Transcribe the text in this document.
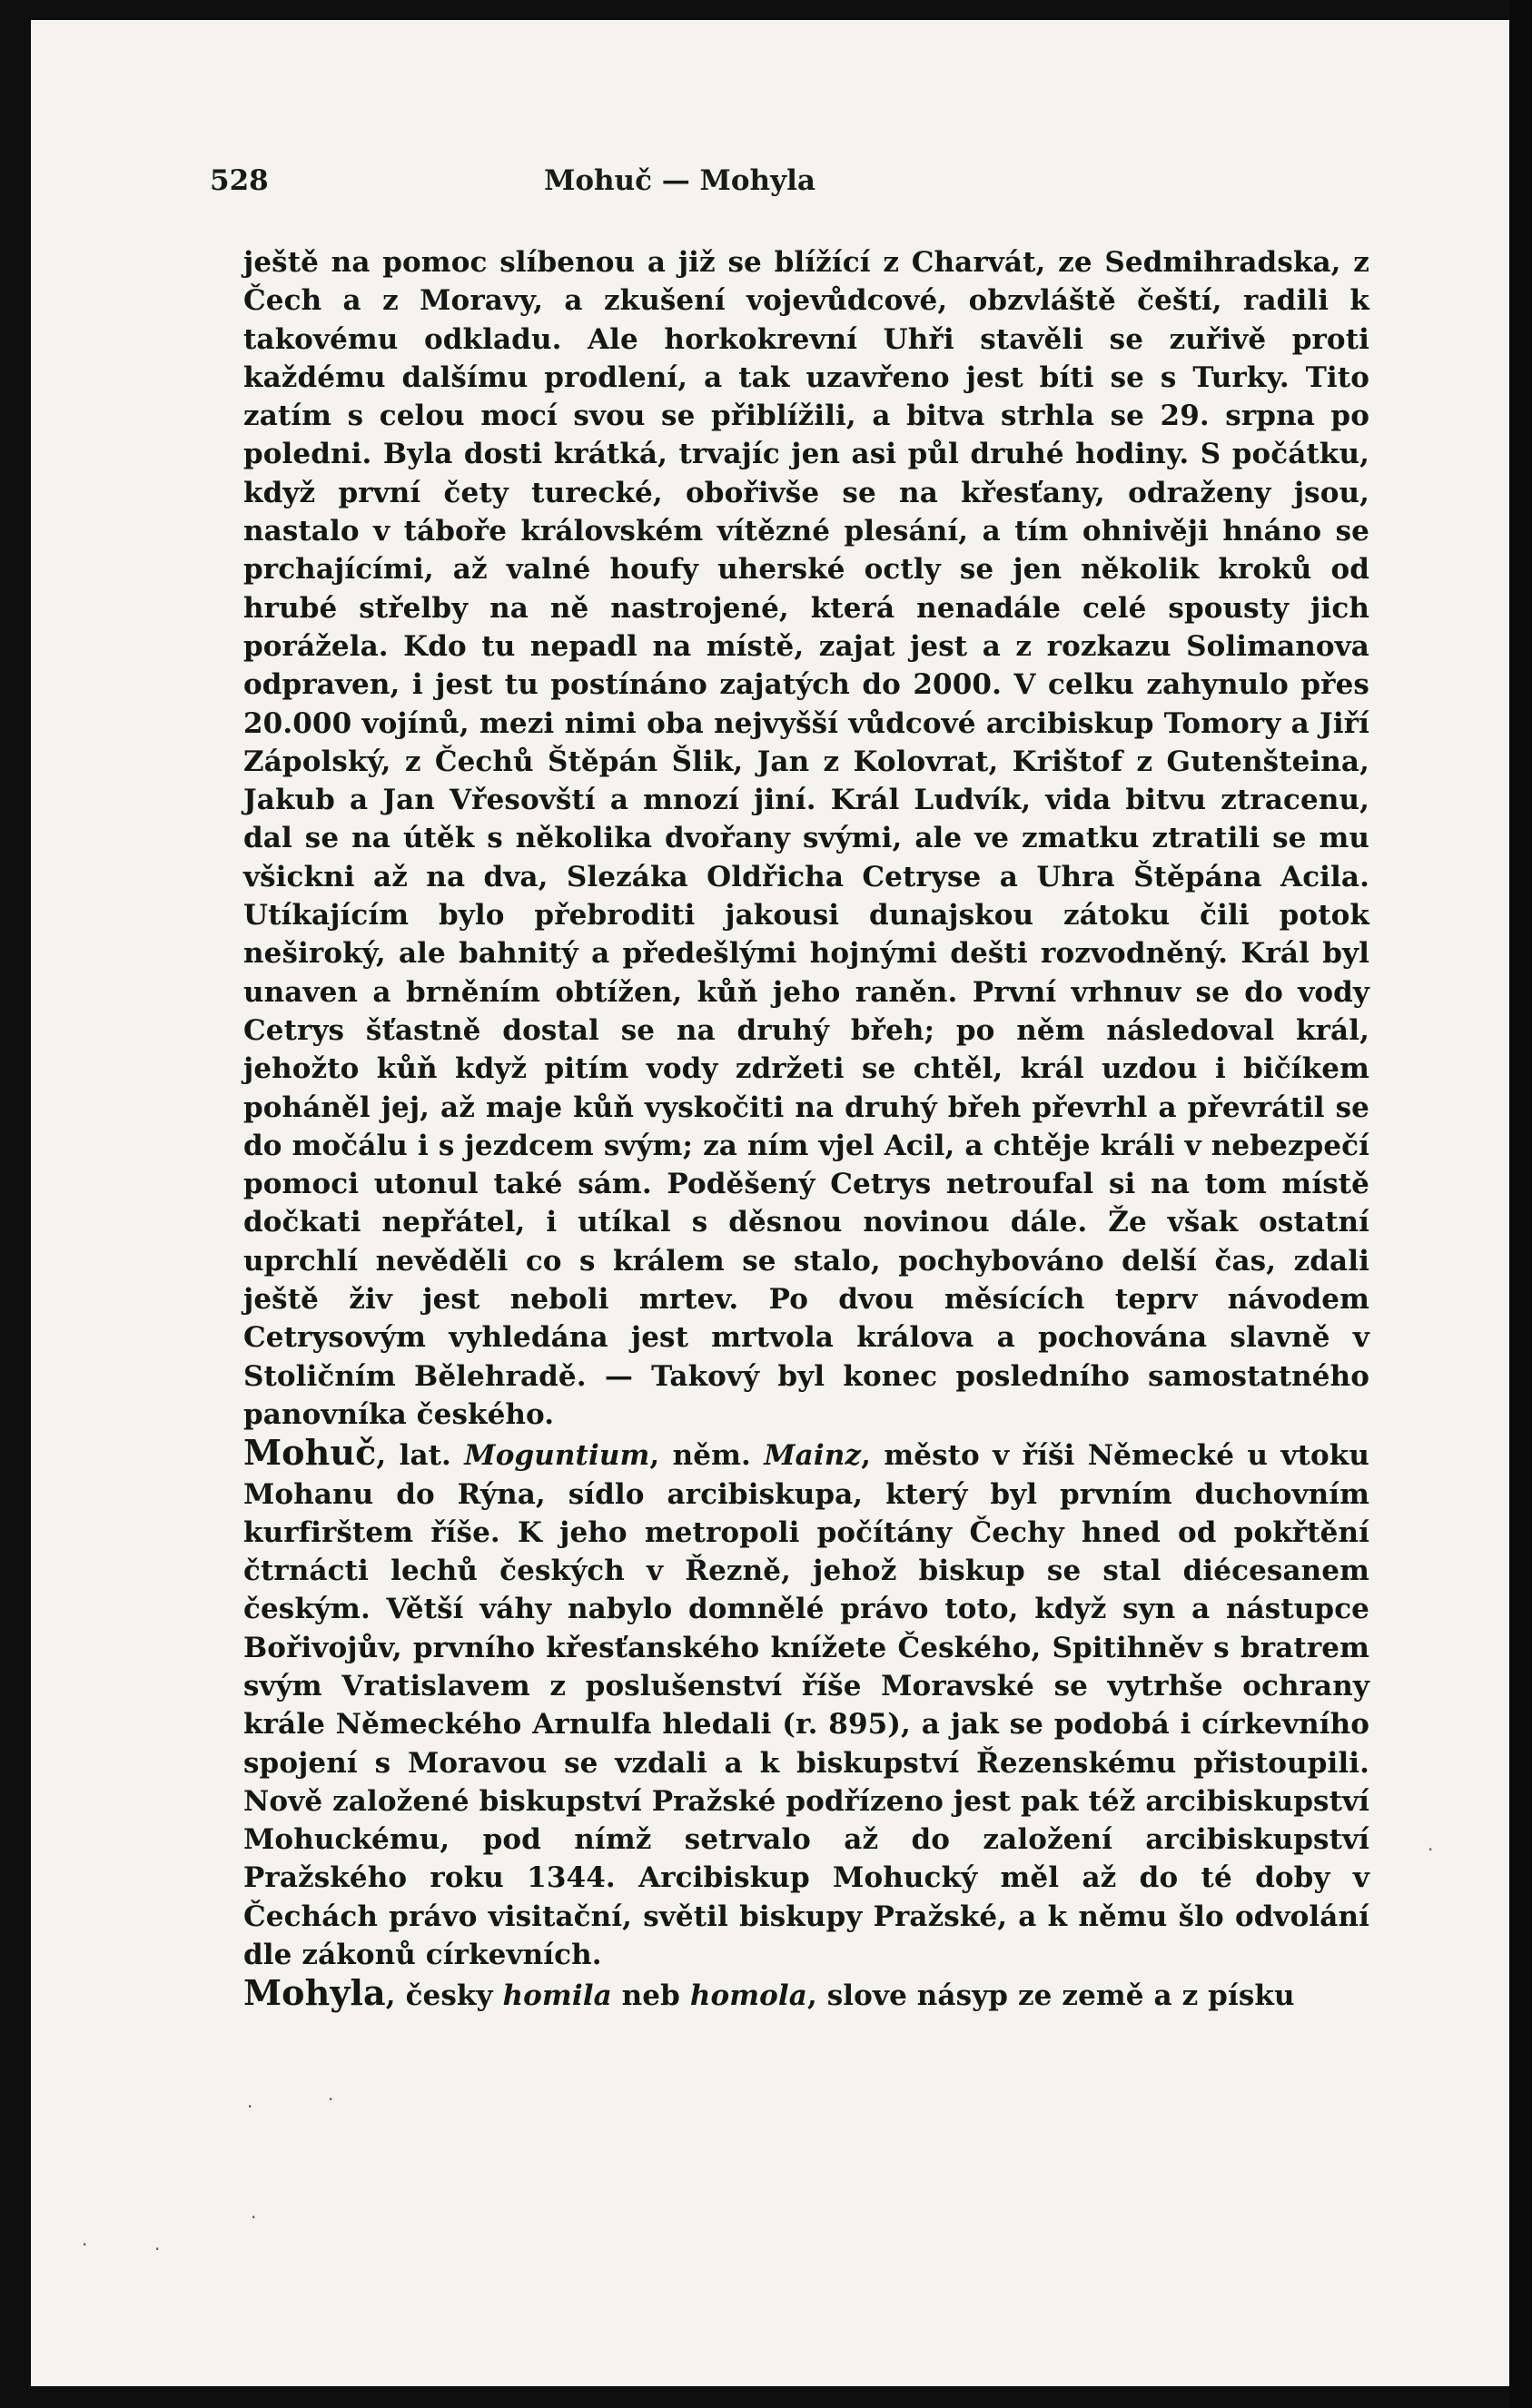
528	Mohuč — Mohyla

ještě na pomoc slíbenou a již se blížící z Charvát, ze Sedmihradska, z Čech a z Moravy, a zkušení vojevůdcové, obzvláště čeští, radili k takovému odkladu. Ale horkokrevní Uhři stavěli se zuřivě proti každému dalšímu prodlení, a tak uzavřeno jest bíti se s Turky. Tito zatím s celou mocí svou se přiblížili, a bitva strhla se 29. srpna po poledni. Byla dosti krátká, trvajíc jen asi půl druhé hodiny. S počátku, když první čety turecké, obořivše se na křesťany, odraženy jsou, nastalo v táboře královském vítězné plesání, a tím ohnivěji hnáno se prchajícími, až valné houfy uherské octly se jen několik kroků od hrubé střelby na ně nastrojené, která nenadále celé spousty jich porážela. Kdo tu nepadl na místě, zajat jest a z rozkazu Solimanova odpraven, i jest tu postínáno zajatých do 2000. V celku zahynulo přes 20.000 vojínů, mezi nimi oba nejvyšší vůdcové arcibiskup Tomory a Jiří Zápolský, z Čechů Štěpán Šlik, Jan z Kolovrat, Krištof z Gutenšteina, Jakub a Jan Vřesovští a mnozí jiní. Král Ludvík, vida bitvu ztracenu, dal se na útěk s několika dvořany svými, ale ve zmatku ztratili se mu všickni až na dva, Slezáka Oldřicha Cetryse a Uhra Štěpána Acila. Utíkajícím bylo přebroditi jakousi dunajskou zátoku čili potok neširoký, ale bahnitý a předešlými hojnými dešti rozvodněný. Král byl unaven a brněním obtížen, kůň jeho raněn. První vrhnuv se do vody Cetrys šťastně dostal se na druhý břeh; po něm následoval král, jehožto kůň když pitím vody zdržeti se chtěl, král uzdou i bičíkem poháněl jej, až maje kůň vyskočiti na druhý břeh převrhl a převrátil se do močálu i s jezdcem svým; za ním vjel Acil, a chtěje králi v nebezpečí pomoci utonul také sám. Poděšený Cetrys netroufal si na tom místě dočkati nepřátel, i utíkal s děsnou novinou dále. Že však ostatní uprchlí nevěděli co s králem se stalo, pochybováno delší čas, zdali ještě živ jest neboli mrtev. Po dvou měsících teprv návodem Cetrysovým vyhledána jest mrtvola králova a pochována slavně v Stoličním Bělehradě. — Takový byl konec posledního samostatného panovníka českého.

Mohuč, lat. Moguntium, něm. Mainz, město v říši Německé u vtoku Mohanu do Rýna, sídlo arcibiskupa, který byl prvním duchovním kurfirštem říše. K jeho metropoli počítány Čechy hned od pokřtění čtrnácti lechů českých v Řezně, jehož biskup se stal diécesanem českým. Větší váhy nabylo domnělé právo toto, když syn a nástupce Bořivojův, prvního křesťanského knížete Českého, Spitihněv s bratrem svým Vratislavem z poslušenství říše Moravské se vytrhše ochrany krále Německého Arnulfa hledali (r. 895), a jak se podobá i církevního spojení s Moravou se vzdali a k biskupství Řezenskému přistoupili. Nově založené biskupství Pražské podřízeno jest pak též arcibiskupství Mohuckému, pod nímž setrvalo až do založení arcibiskupství Pražského roku 1344. Arcibiskup Mohucký měl až do té doby v Čechách právo visitační, světil biskupy Pražské, a k němu šlo odvolání dle zákonů církevních.

Mohyla, česky homila neb homola, slove násyp ze země a z písku

·	·
·
·	·
·
